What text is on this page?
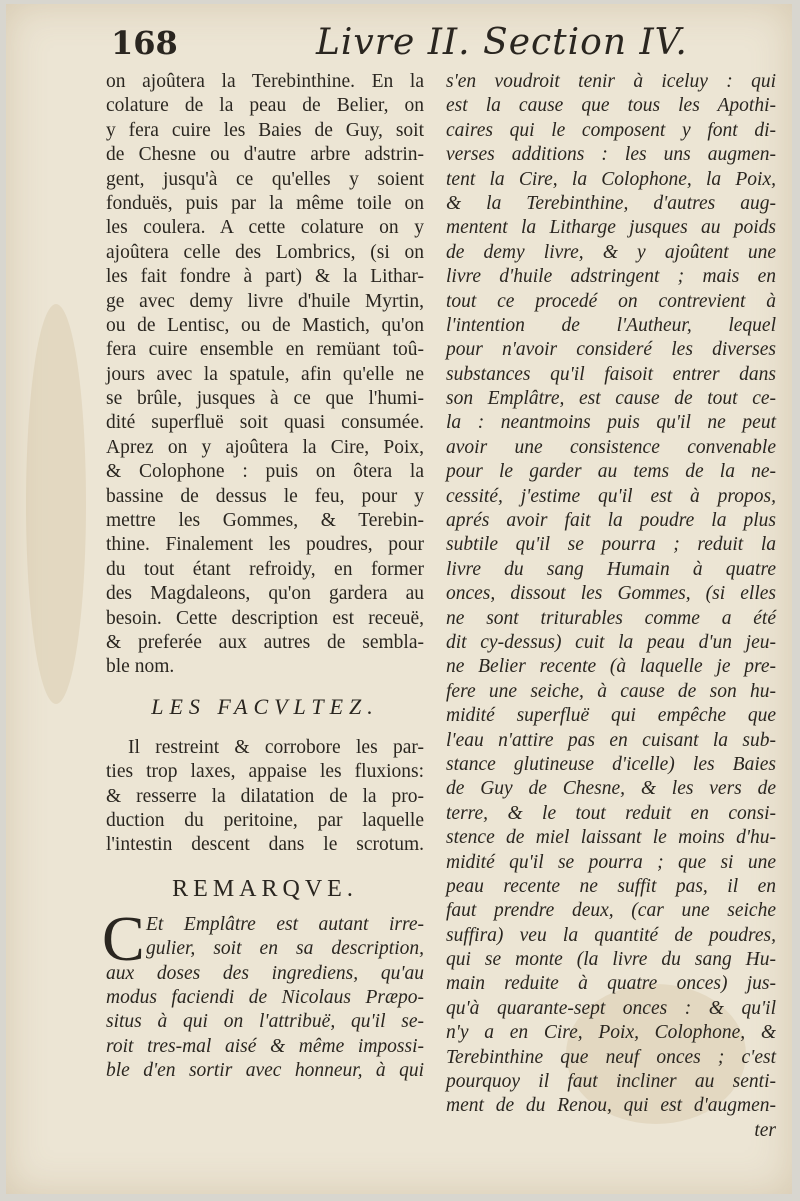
168	Livre II. Section IV.
on ajoûtera la Terebinthine. En la
colature de la peau de Belier, on
y fera cuire les Baies de Guy, soit
de Chesne ou d'autre arbre adstrin-
gent, jusqu'à ce qu'elles y soient
fonduës, puis par la même toile on
les coulera. A cette colature on y
ajoûtera celle des Lombrics, (si on
les fait fondre à part) & la Lithar-
ge avec demy livre d'huile Myrtin,
ou de Lentisc, ou de Mastich, qu'on
fera cuire ensemble en remüant toû-
jours avec la spatule, afin qu'elle ne
se brûle, jusques à ce que l'humi-
dité superfluë soit quasi consumée.
Aprez on y ajoûtera la Cire, Poix,
& Colophone : puis on ôtera la
bassine de dessus le feu, pour y
mettre les Gommes, & Terebin-
thine. Finalement les poudres, pour
du tout étant refroidy, en former
des Magdaleons, qu'on gardera au
besoin. Cette description est receuë,
& preferée aux autres de sembla-
ble nom.
LES FACVLTEZ.
Il restreint & corrobore les par-
ties trop laxes, appaise les fluxions:
& resserre la dilatation de la pro-
duction du peritoine, par laquelle
l'intestin descent dans le scrotum.
REMARQVE.
C Et Emplâtre est autant irre-
gulier, soit en sa description,
aux doses des ingrediens, qu'au
modus faciendi de Nicolaus Præpo-
situs à qui on l'attribuë, qu'il se-
roit tres-mal aisé & même impossi-
ble d'en sortir avec honneur, à qui
s'en voudroit tenir à iceluy : qui
est la cause que tous les Apothi-
caires qui le composent y font di-
verses additions : les uns augmen-
tent la Cire, la Colophone, la Poix,
& la Terebinthine, d'autres aug-
mentent la Litharge jusques au poids
de demy livre, & y ajoûtent une
livre d'huile adstringent ; mais en
tout ce procedé on contrevient à
l'intention de l'Autheur, lequel
pour n'avoir consideré les diverses
substances qu'il faisoit entrer dans
son Emplâtre, est cause de tout ce-
la : neantmoins puis qu'il ne peut
avoir une consistence convenable
pour le garder au tems de la ne-
cessité, j'estime qu'il est à propos,
aprés avoir fait la poudre la plus
subtile qu'il se pourra ; reduit la
livre du sang Humain à quatre
onces, dissout les Gommes, (si elles
ne sont triturables comme a été
dit cy-dessus) cuit la peau d'un jeu-
ne Belier recente (à laquelle je pre-
fere une seiche, à cause de son hu-
midité superfluë qui empêche que
l'eau n'attire pas en cuisant la sub-
stance glutineuse d'icelle) les Baies
de Guy de Chesne, & les vers de
terre, & le tout reduit en consi-
stence de miel laissant le moins d'hu-
midité qu'il se pourra ; que si une
peau recente ne suffit pas, il en
faut prendre deux, (car une seiche
suffira) veu la quantité de poudres,
qui se monte (la livre du sang Hu-
main reduite à quatre onces) jus-
qu'à quarante-sept onces : & qu'il
n'y a en Cire, Poix, Colophone, &
Terebinthine que neuf onces ; c'est
pourquoy il faut incliner au senti-
ment de du Renou, qui est d'augmen-
ter
